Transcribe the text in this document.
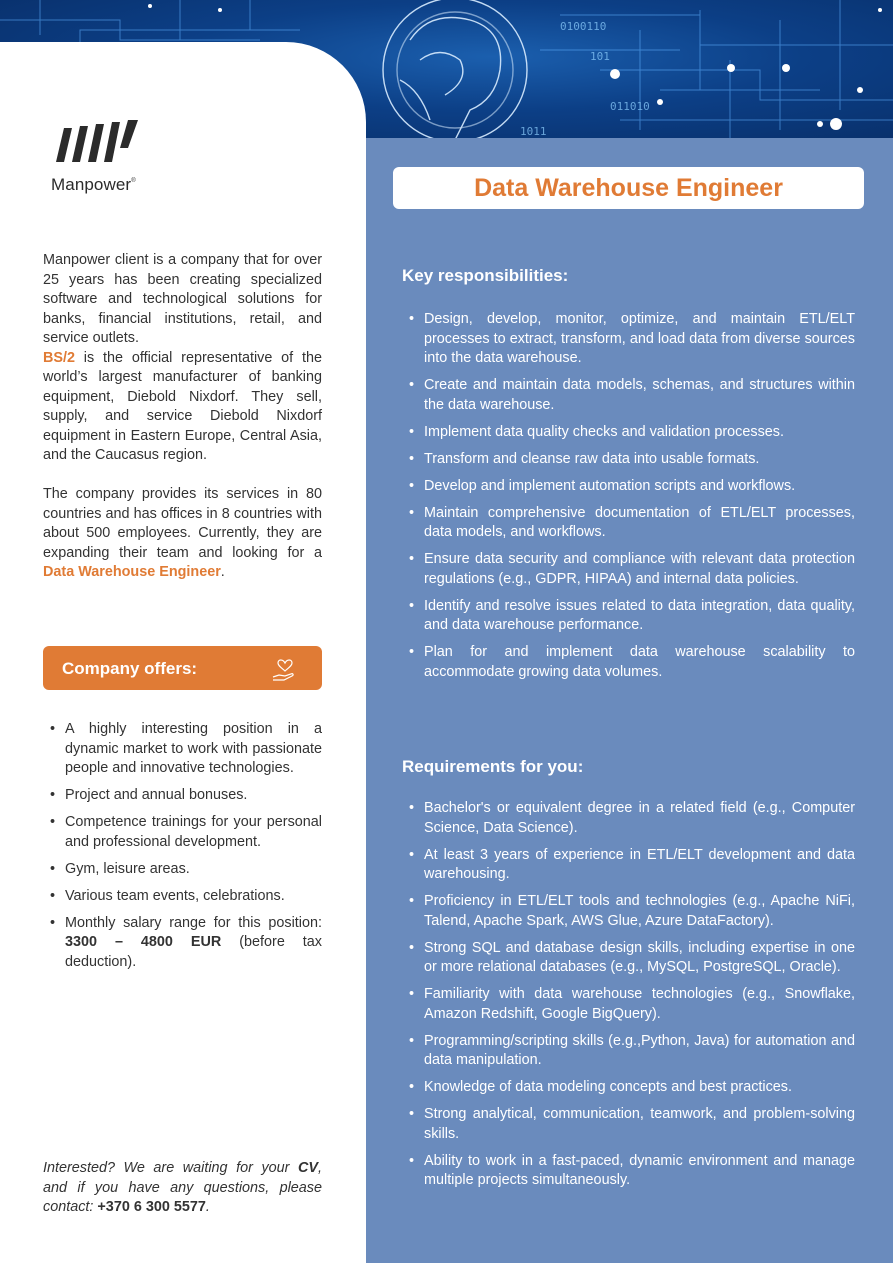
0100110
101
011010
1011
Manpower®

Manpower client is a company that for over 25 years has been creating specialized software and technological solutions for banks, financial institutions, retail, and service outlets.

BS/2 is the official representative of the world’s largest manufacturer of banking equipment, Diebold Nixdorf. They sell, supply, and service Diebold Nixdorf equipment in Eastern Europe, Central Asia, and the Caucasus region.

The company provides its services in 80 countries and has offices in 8 countries with about 500 employees. Currently, they are expanding their team and looking for a Data Warehouse Engineer.

Company offers:
• A highly interesting position in a dynamic market to work with passionate people and innovative technologies.
• Project and annual bonuses.
• Competence trainings for your personal and professional development.
• Gym, leisure areas.
• Various team events, celebrations.
• Monthly salary range for this position: 3300 – 4800 EUR (before tax deduction).

Interested? We are waiting for your CV, and if you have any questions, please contact: +370 6 300 5577.

Data Warehouse Engineer
Key responsibilities:
• Design, develop, monitor, optimize, and maintain ETL/ELT processes to extract, transform, and load data from diverse sources into the data warehouse.
• Create and maintain data models, schemas, and structures within the data warehouse.
• Implement data quality checks and validation processes.
• Transform and cleanse raw data into usable formats.
• Develop and implement automation scripts and workflows.
• Maintain comprehensive documentation of ETL/ELT processes, data models, and workflows.
• Ensure data security and compliance with relevant data protection regulations (e.g., GDPR, HIPAA) and internal data policies.
• Identify and resolve issues related to data integration, data quality, and data warehouse performance.
• Plan for and implement data warehouse scalability to accommodate growing data volumes.
Requirements for you:
• Bachelor's or equivalent degree in a related field (e.g., Computer Science, Data Science).
• At least 3 years of experience in ETL/ELT development and data warehousing.
• Proficiency in ETL/ELT tools and technologies (e.g., Apache NiFi, Talend, Apache Spark, AWS Glue, Azure DataFactory).
• Strong SQL and database design skills, including expertise in one or more relational databases (e.g., MySQL, PostgreSQL, Oracle).
• Familiarity with data warehouse technologies (e.g., Snowflake, Amazon Redshift, Google BigQuery).
• Programming/scripting skills (e.g.,Python, Java) for automation and data manipulation.
• Knowledge of data modeling concepts and best practices.
• Strong analytical, communication, teamwork, and problem-solving skills.
• Ability to work in a fast-paced, dynamic environment and manage multiple projects simultaneously.
